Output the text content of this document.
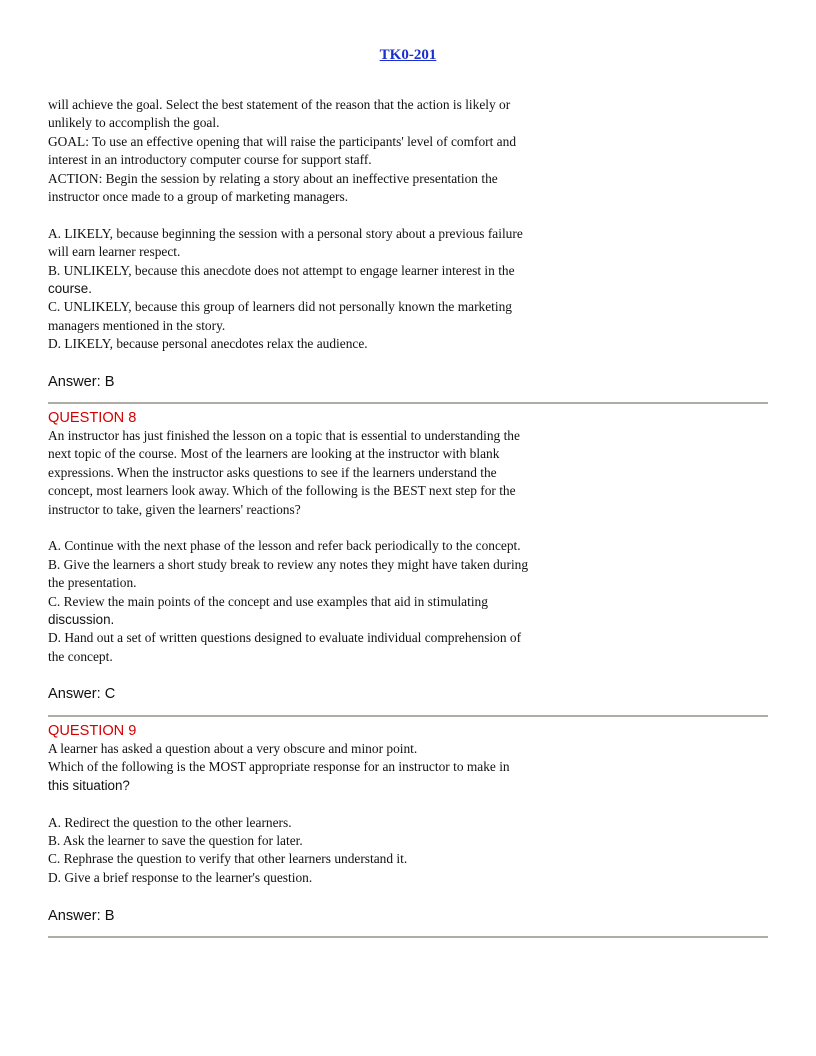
TK0-201
will achieve the goal. Select the best statement of the reason that the action is likely or
unlikely to accomplish the goal.
GOAL: To use an effective opening that will raise the participants' level of comfort and
interest in an introductory computer course for support staff.
ACTION: Begin the session by relating a story about an ineffective presentation the
instructor once made to a group of marketing managers.
A. LIKELY, because beginning the session with a personal story about a previous failure
will earn learner respect.
B. UNLIKELY, because this anecdote does not attempt to engage learner interest in the
course.
C. UNLIKELY, because this group of learners did not personally known the marketing
managers mentioned in the story.
D. LIKELY, because personal anecdotes relax the audience.
Answer: B
QUESTION 8
An instructor has just finished the lesson on a topic that is essential to understanding the
next topic of the course. Most of the learners are looking at the instructor with blank
expressions. When the instructor asks questions to see if the learners understand the
concept, most learners look away. Which of the following is the BEST next step for the
instructor to take, given the learners' reactions?
A. Continue with the next phase of the lesson and refer back periodically to the concept.
B. Give the learners a short study break to review any notes they might have taken during
the presentation.
C. Review the main points of the concept and use examples that aid in stimulating
discussion.
D. Hand out a set of written questions designed to evaluate individual comprehension of
the concept.
Answer: C
QUESTION 9
A learner has asked a question about a very obscure and minor point.
Which of the following is the MOST appropriate response for an instructor to make in
this situation?
A. Redirect the question to the other learners.
B. Ask the learner to save the question for later.
C. Rephrase the question to verify that other learners understand it.
D. Give a brief response to the learner's question.
Answer: B
